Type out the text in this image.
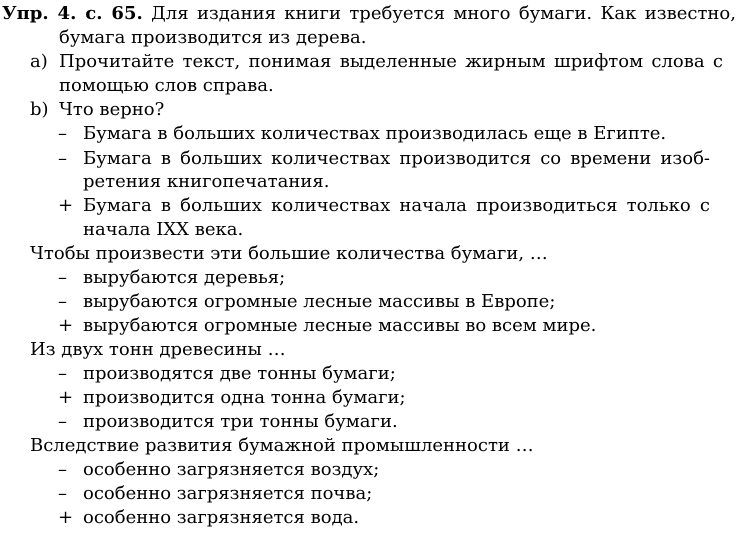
Упр. 4. с. 65. Для издания книги требуется много бумаги. Как известно,
бумага производится из дерева.
a) Прочитайте текст, понимая выделенные жирным шрифтом слова с
помощью слов справа.
b) Что верно?
– Бумага в больших количествах производилась еще в Египте.
– Бумага в больших количествах производится со времени изоб-
ретения книгопечатания.
+ Бумага в больших количествах начала производиться только с
начала IXX века.
Чтобы произвести эти большие количества бумаги, …
– вырубаются деревья;
– вырубаются огромные лесные массивы в Европе;
+ вырубаются огромные лесные массивы во всем мире.
Из двух тонн древесины …
– производятся две тонны бумаги;
+ производится одна тонна бумаги;
– производится три тонны бумаги.
Вследствие развития бумажной промышленности …
– особенно загрязняется воздух;
– особенно загрязняется почва;
+ особенно загрязняется вода.
